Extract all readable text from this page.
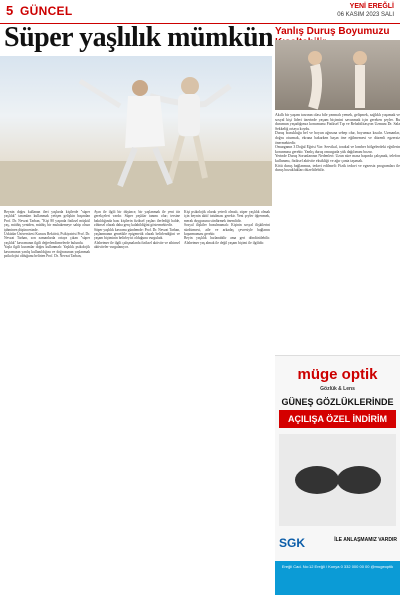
5 GÜNCEL	YENİ EREĞLİ
06 KASIM 2023 SALI
Süper yaşlılık mümkün

Beynin doğru kullanan ileri yaşlarda kişilerde "süper yaşlılık" tanımları kullanmak yetişen gelişkin başından Prof. Dr. Nevzat Tarhan, "Kişi 80 yaşında fiziksel müşkül yaş, müthiş yeniden, müthiş bir muhakemeye sahip olsun tahminen düşüncesinde.

Üsküdar Üniversitesi Kurucu Rektörü, Psikiyatrist Prof. Dr. Nevzat Tarhan, son zamanlarda ortaya çıkan "süper yaşlılık" kavramının ilgili değerlendirmelerde bulundu.

Yaşla ilgili kuramlar doğru kullanmalı: Yaşlılık psikolojik kavramının yanlış kullanıldığını ve doğrusunun yaşlanmak psikolojisi olduğunu belirten Prof. Dr. Nevzat Tarhan,

Ayın ile ilgili bir düşünce, bir yaşlanmak ile yeni tür gerekçeleri vardır. Süper yaşlılar tanımı olur; tersine bakıldığında bazı kişilerin fiziksel yaşları ilerlediği halde, zihinsel olarak daha genç kalabildiğini göstermektedir.

Süper yaşlılık kavramı gündemde: Prof. Dr. Nevzat Tarhan, yaşlanmanın genetikle epigenetik olarak belirlendiğini ve yaşam biçiminin belirleyici olduğunu vurguladı.

Alzheimer ile ilgili çalışmalarda fiziksel aktivite ve zihinsel aktiviteler vurgulanıyor.

Kişi psikolojik olarak yeterli olmalı, süper yaşlılık olmak için beynin aktif tutulması gerekir. Yeni şeyler öğrenmek, merak duygusunu sürdürmek önemlidir.

Sosyal ilişkiler bozulmamalı: Kişinin sosyal ilişkilerini sürdürmesi, aile ve arkadaş çevresiyle bağlarını koparmaması gerekir.

Beyin yaşlılık hızlanabilir ama geri döndürülebilir. Alzheimer yaş almak ile değil yaşam biçimi ile ilgilidir.

Yanlış Duruş Boyumuzu

Akıllı bir yaşam tarzının olası bile yanmalı yemek, gelişmek, sağlıklı yaşamak ve sosyal kişi lideri üzerinde yaşam biçimini savunmak için gereken şeyler. Bu durumun yaşadığımız konumunu Fiziksel Tıp ve Rehabilitasyon Uzmanı Dr. Sala Sekkeliğ ortaya koydu.

Duruş bozukluğu bel ve boyun ağrısına sebep olur, boyumuz kısalır. Uzmanlar, doğru oturmak, ekrana bakarken başın öne eğilmemesi ve düzenli egzersiz önermektedir.

Omurganın 3 Doğal Eğrisi Var: Servikal, torakal ve lomber bölgelerdeki eğrilerin korunması gerekir. Yanlış duruş omurgada yük dağılımını bozar.

Yerinde Duruş Sorunlarının Nedenleri: Uzun süre masa başında çalışmak, telefon kullanımı, fiziksel aktivite eksikliği ve ağır çanta taşımak.

Kötü duruş bağlanmaz, tedavi edilmeli: Fizik tedavi ve egzersiz programları ile duruş bozuklukları düzeltilebilir.

müge optik
Gözlük & Lens
GÜNEŞ GÖZLÜKLERİNDE
AÇILIŞA ÖZEL İNDİRİM
SGK	İLE ANLAŞMAMIZ VARDIR
Ereğli Cad. No:12 Ereğli / Konya 0 332 000 00 00 @mugeoptik
